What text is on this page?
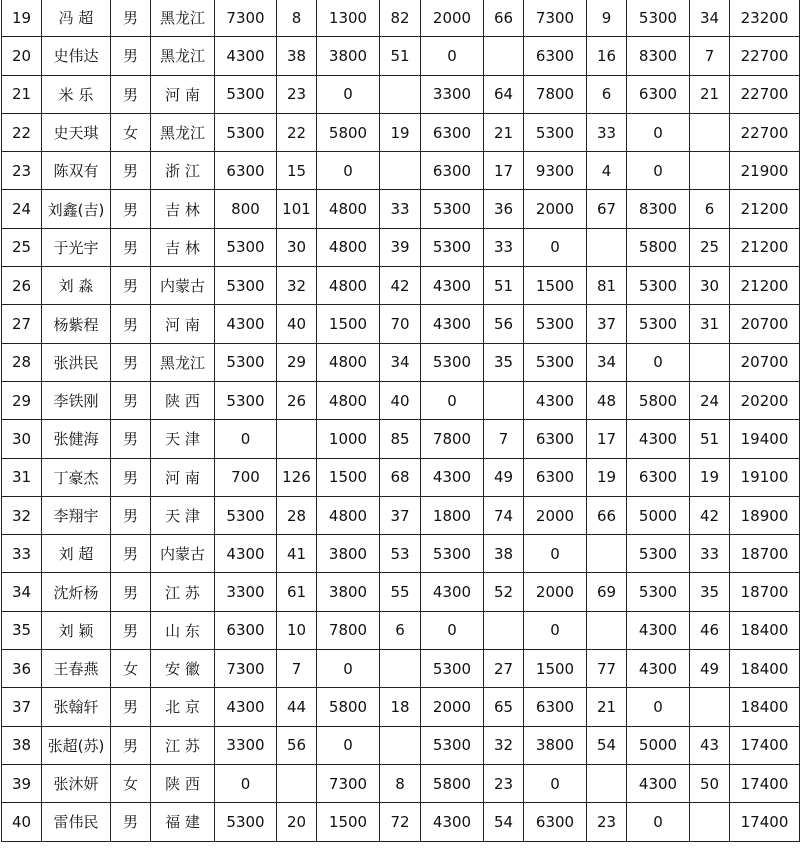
19	冯 超	男	黑龙江	7300	8	1300	82	2000	66	7300	9	5300	34	23200
20	史伟达	男	黑龙江	4300	38	3800	51	0		6300	16	8300	7	22700
21	米 乐	男	河 南	5300	23	0		3300	64	7800	6	6300	21	22700
22	史天琪	女	黑龙江	5300	22	5800	19	6300	21	5300	33	0		22700
23	陈双有	男	浙 江	6300	15	0		6300	17	9300	4	0		21900
24	刘鑫(吉)	男	吉 林	800	101	4800	33	5300	36	2000	67	8300	6	21200
25	于光宇	男	吉 林	5300	30	4800	39	5300	33	0		5800	25	21200
26	刘 淼	男	内蒙古	5300	32	4800	42	4300	51	1500	81	5300	30	21200
27	杨紫程	男	河 南	4300	40	1500	70	4300	56	5300	37	5300	31	20700
28	张洪民	男	黑龙江	5300	29	4800	34	5300	35	5300	34	0		20700
29	李铁刚	男	陕 西	5300	26	4800	40	0		4300	48	5800	24	20200
30	张健海	男	天 津	0		1000	85	7800	7	6300	17	4300	51	19400
31	丁豪杰	男	河 南	700	126	1500	68	4300	49	6300	19	6300	19	19100
32	李翔宇	男	天 津	5300	28	4800	37	1800	74	2000	66	5000	42	18900
33	刘 超	男	内蒙古	4300	41	3800	53	5300	38	0		5300	33	18700
34	沈炘杨	男	江 苏	3300	61	3800	55	4300	52	2000	69	5300	35	18700
35	刘 颖	男	山 东	6300	10	7800	6	0		0		4300	46	18400
36	王春燕	女	安 徽	7300	7	0		5300	27	1500	77	4300	49	18400
37	张翰轩	男	北 京	4300	44	5800	18	2000	65	6300	21	0		18400
38	张超(苏)	男	江 苏	3300	56	0		5300	32	3800	54	5000	43	17400
39	张沐妍	女	陕 西	0		7300	8	5800	23	0		4300	50	17400
40	雷伟民	男	福 建	5300	20	1500	72	4300	54	6300	23	0		17400
